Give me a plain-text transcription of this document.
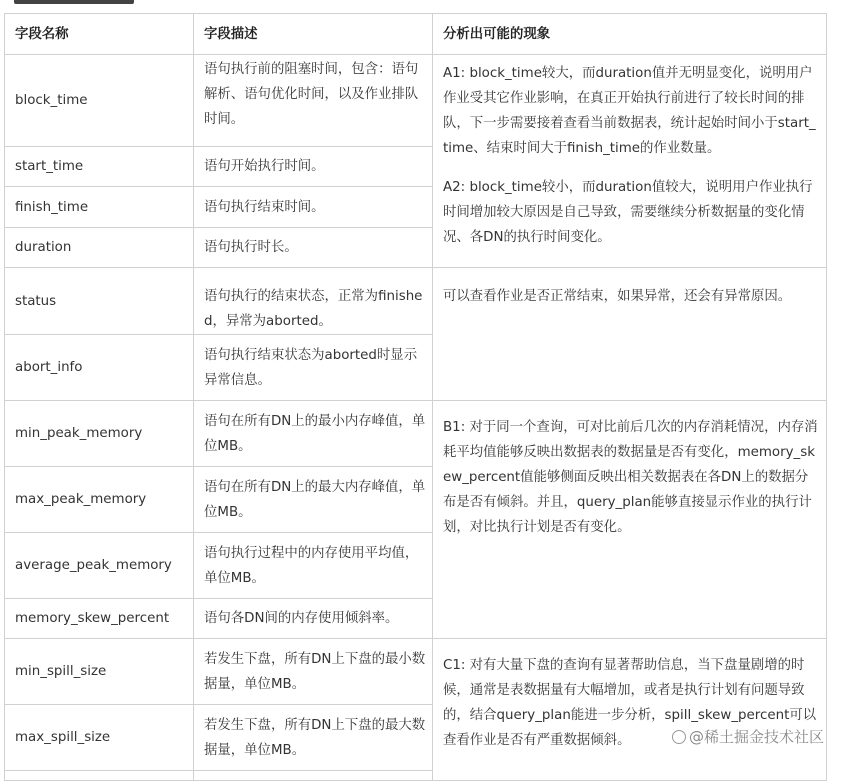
字段名称	字段描述	分析出可能的现象
block_time	语句执行前的阻塞时间，包含：语句解析、语句优化时间，以及作业排队时间。	A1: block_time较大，而duration值并无明显变化，说明用户作业受其它作业影响，在真正开始执行前进行了较长时间的排队，下一步需要接着查看当前数据表，统计起始时间小于start_time、结束时间大于finish_time的作业数量。
A2: block_time较小，而duration值较大，说明用户作业执行时间增加较大原因是自己导致，需要继续分析数据量的变化情况、各DN的执行时间变化。

start_time	语句开始执行时间。	
finish_time	语句执行结束时间。	
duration	语句执行时长。	
status	语句执行的结束状态，正常为finished，异常为aborted。	可以查看作业是否正常结束，如果异常，还会有异常原因。
abort_info	语句执行结束状态为aborted时显示异常信息。	
min_peak_memory	语句在所有DN上的最小内存峰值，单位MB。	B1: 对于同一个查询，可对比前后几次的内存消耗情况，内存消耗平均值能够反映出数据表的数据量是否有变化，memory_skew_percent值能够侧面反映出相关数据表在各DN上的数据分布是否有倾斜。并且，query_plan能够直接显示作业的执行计划，对比执行计划是否有变化。
max_peak_memory	语句在所有DN上的最大内存峰值，单位MB。	
average_peak_memory	语句执行过程中的内存使用平均值，单位MB。	
memory_skew_percent	语句各DN间的内存使用倾斜率。	
min_spill_size	若发生下盘，所有DN上下盘的最小数据量，单位MB。	C1: 对有大量下盘的查询有显著帮助信息，当下盘量剧增的时候，通常是表数据量有大幅增加，或者是执行计划有问题导致的，结合query_plan能进一步分析，spill_skew_percent可以查看作业是否有严重数据倾斜。
max_spill_size	若发生下盘，所有DN上下盘的最大数据量，单位MB。	

@稀土掘金技术社区
